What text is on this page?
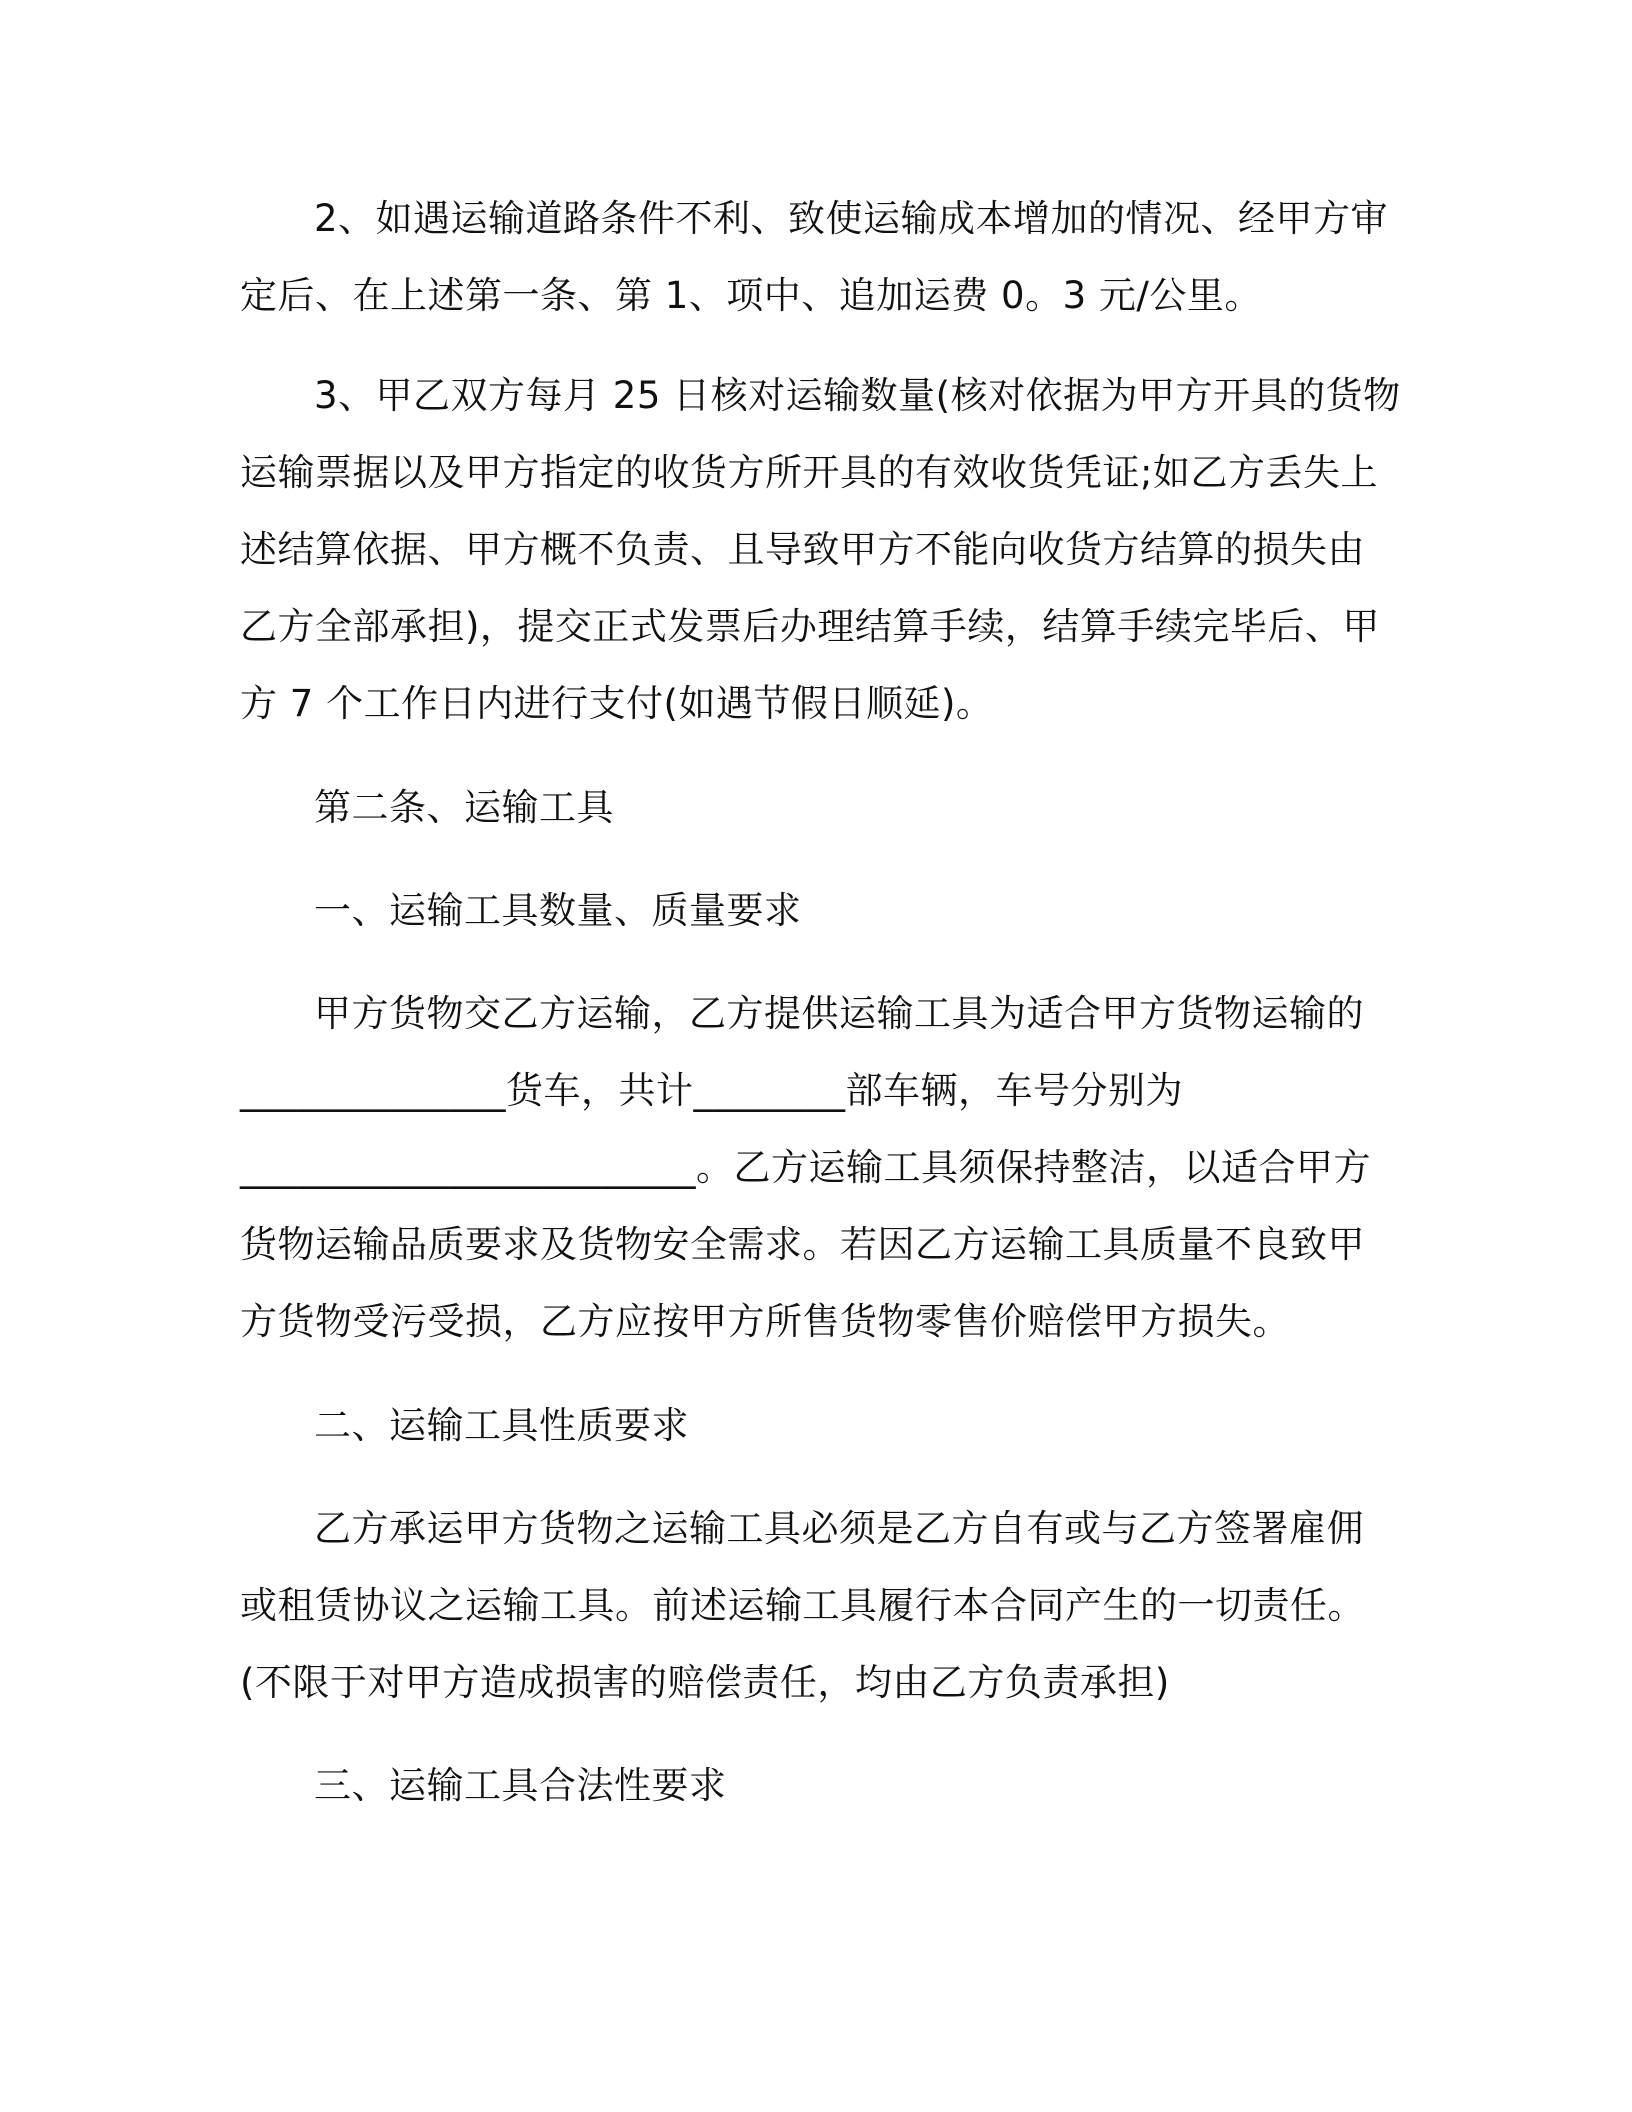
2、如遇运输道路条件不利、致使运输成本增加的情况、经甲方审
定后、在上述第一条、第 1、项中、追加运费 0。3 元/公里。
3、甲乙双方每月 25 日核对运输数量(核对依据为甲方开具的货物
运输票据以及甲方指定的收货方所开具的有效收货凭证;如乙方丢失上
述结算依据、甲方概不负责、且导致甲方不能向收货方结算的损失由
乙方全部承担)，提交正式发票后办理结算手续，结算手续完毕后、甲
方 7 个工作日内进行支付(如遇节假日顺延)。
第二条、运输工具
一、运输工具数量、质量要求
甲方货物交乙方运输，乙方提供运输工具为适合甲方货物运输的
______________货车，共计________部车辆，车号分别为
________________________。乙方运输工具须保持整洁，以适合甲方
货物运输品质要求及货物安全需求。若因乙方运输工具质量不良致甲
方货物受污受损，乙方应按甲方所售货物零售价赔偿甲方损失。
二、运输工具性质要求
乙方承运甲方货物之运输工具必须是乙方自有或与乙方签署雇佣
或租赁协议之运输工具。前述运输工具履行本合同产生的一切责任。
(不限于对甲方造成损害的赔偿责任，均由乙方负责承担)
三、运输工具合法性要求
